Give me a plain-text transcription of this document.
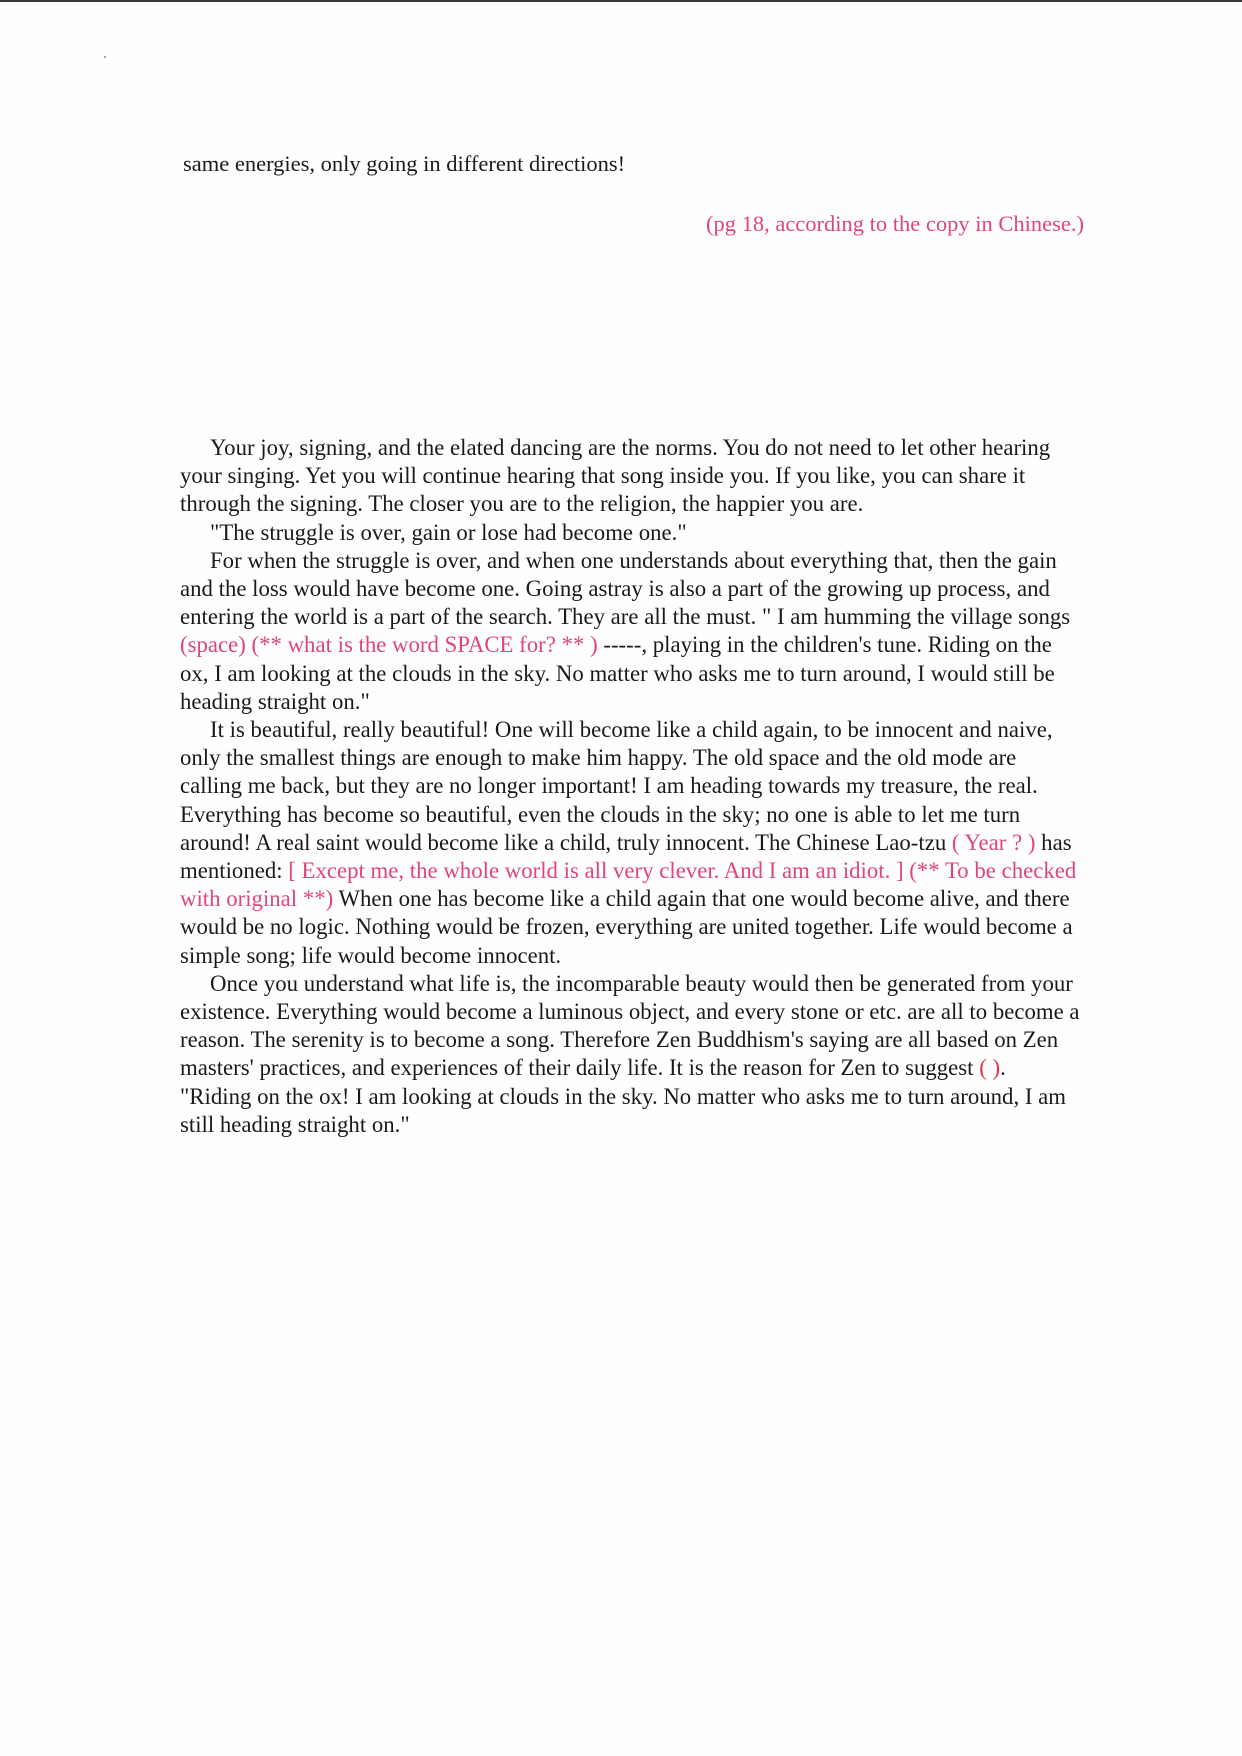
same energies, only going in different directions!

(pg 18, according to the copy in Chinese.)

Your joy, signing, and the elated dancing are the norms. You do not need to let other hearing your singing. Yet you will continue hearing that song inside you. If you like, you can share it through the signing. The closer you are to the religion, the happier you are.

"The struggle is over, gain or lose had become one."

For when the struggle is over, and when one understands about everything that, then the gain and the loss would have become one. Going astray is also a part of the growing up process, and entering the world is a part of the search. They are all the must. " I am humming the village songs (space) (** what is the word SPACE for? ** ) -----, playing in the children's tune. Riding on the ox, I am looking at the clouds in the sky. No matter who asks me to turn around, I would still be heading straight on."

It is beautiful, really beautiful! One will become like a child again, to be innocent and naive, only the smallest things are enough to make him happy. The old space and the old mode are calling me back, but they are no longer important! I am heading towards my treasure, the real. Everything has become so beautiful, even the clouds in the sky; no one is able to let me turn around! A real saint would become like a child, truly innocent. The Chinese Lao-tzu ( Year ? ) has mentioned: [ Except me, the whole world is all very clever. And I am an idiot. ] (** To be checked with original **) When one has become like a child again that one would become alive, and there would be no logic. Nothing would be frozen, everything are united together. Life would become a simple song; life would become innocent.

Once you understand what life is, the incomparable beauty would then be generated from your existence. Everything would become a luminous object, and every stone or etc. are all to become a reason. The serenity is to become a song. Therefore Zen Buddhism's saying are all based on Zen masters' practices, and experiences of their daily life. It is the reason for Zen to suggest ( ). "Riding on the ox! I am looking at clouds in the sky. No matter who asks me to turn around, I am still heading straight on."
